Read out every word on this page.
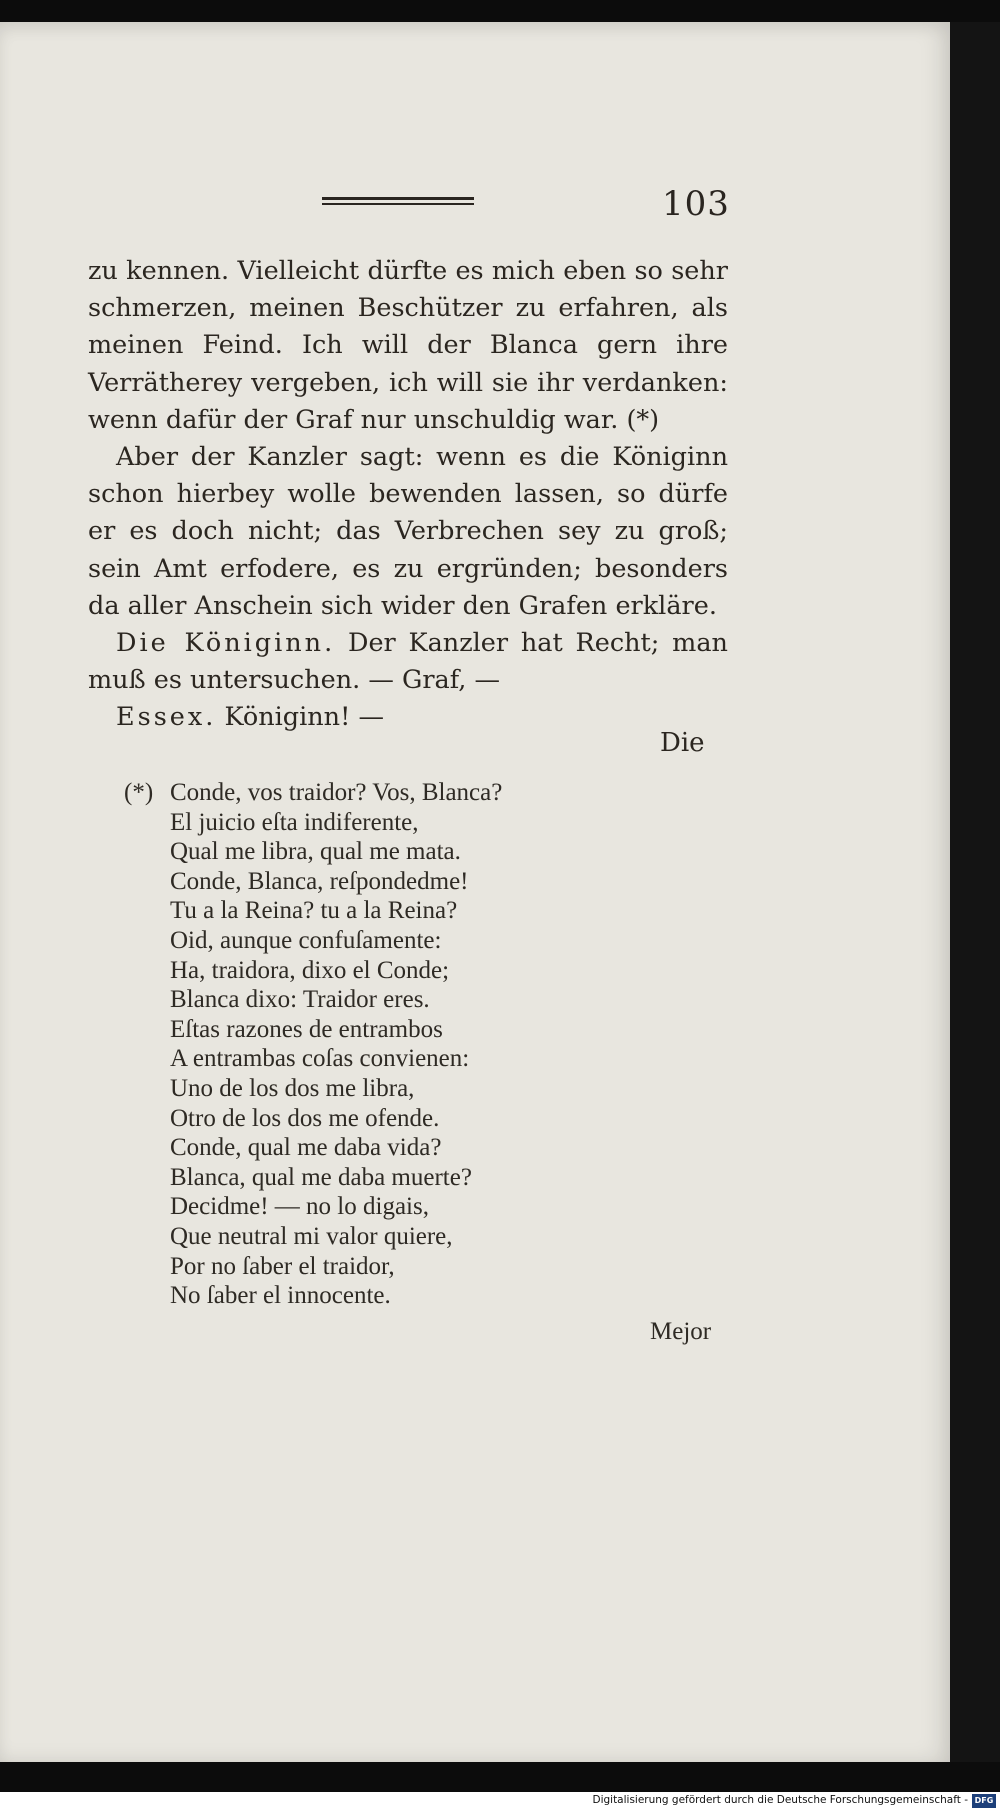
103

zu kennen. Vielleicht dürfte es mich eben so sehr schmerzen, meinen Beschützer zu erfahren, als meinen Feind. Ich will der Blanca gern ihre Verrätherey vergeben, ich will sie ihr verdanken: wenn dafür der Graf nur unschuldig war. (*)

Aber der Kanzler sagt: wenn es die Königinn schon hierbey wolle bewenden lassen, so dürfe er es doch nicht; das Verbrechen sey zu groß; sein Amt erfodere, es zu ergründen; besonders da aller Anschein sich wider den Grafen erkläre.

Die Königinn. Der Kanzler hat Recht; man muß es untersuchen. — Graf, —

Essex. Königinn! —

Die
(*) Conde, vos traidor? Vos, Blanca?
El juicio eſta indiferente,
Qual me libra, qual me mata.
Conde, Blanca, reſpondedme!
Tu a la Reina? tu a la Reina?
Oid, aunque confuſamente:
Ha, traidora, dixo el Conde;
Blanca dixo: Traidor eres.
Eſtas razones de entrambos
A entrambas coſas convienen:
Uno de los dos me libra,
Otro de los dos me ofende.
Conde, qual me daba vida?
Blanca, qual me daba muerte?
Decidme! — no lo digais,
Que neutral mi valor quiere,
Por no ſaber el traidor,
No ſaber el innocente.
Mejor
Digitalisierung gefördert durch die Deutsche Forschungsgemeinschaft - DFG
